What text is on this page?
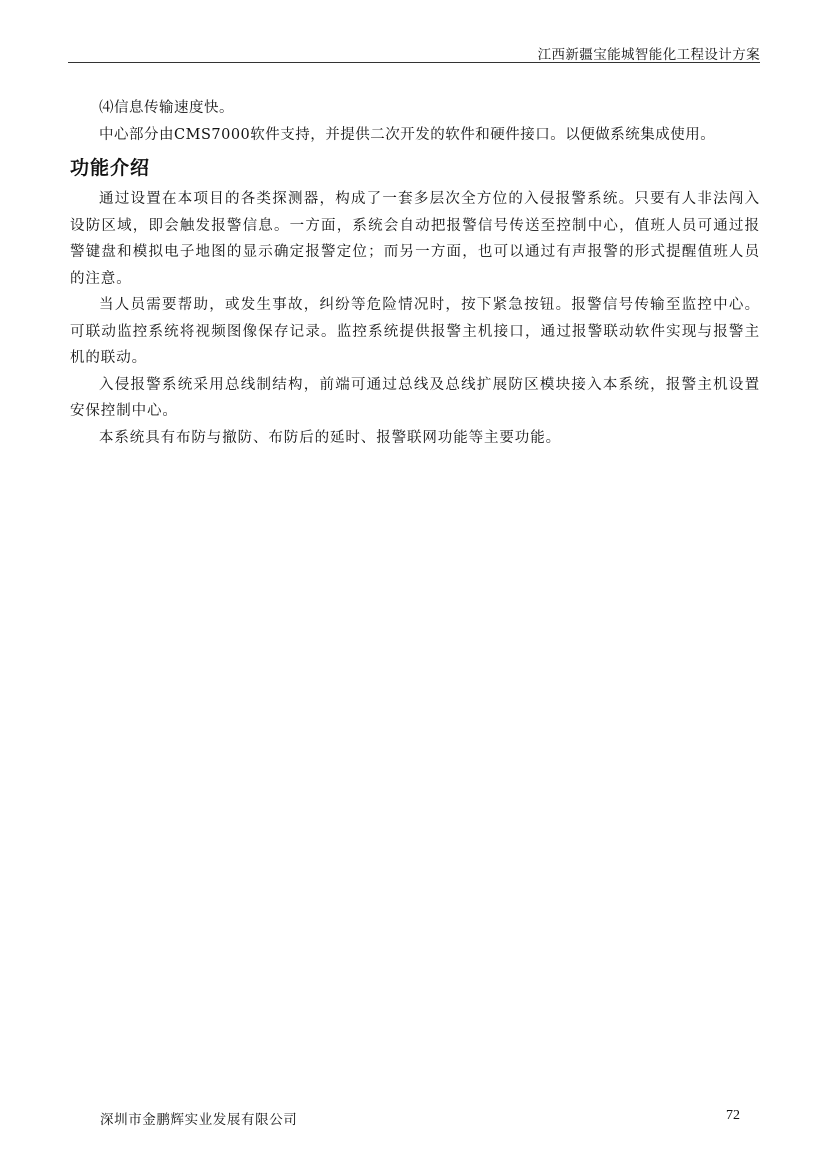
江西新疆宝能城智能化工程设计方案

⑷信息传输速度快。

中心部分由CMS7000软件支持，并提供二次开发的软件和硬件接口。以便做系统集成使用。

功能介绍

通过设置在本项目的各类探测器，构成了一套多层次全方位的入侵报警系统。只要有人非法闯入设防区域，即会触发报警信息。一方面，系统会自动把报警信号传送至控制中心，值班人员可通过报警键盘和模拟电子地图的显示确定报警定位；而另一方面，也可以通过有声报警的形式提醒值班人员的注意。

当人员需要帮助，或发生事故，纠纷等危险情况时，按下紧急按钮。报警信号传输至监控中心。可联动监控系统将视频图像保存记录。监控系统提供报警主机接口，通过报警联动软件实现与报警主机的联动。

入侵报警系统采用总线制结构，前端可通过总线及总线扩展防区模块接入本系统，报警主机设置安保控制中心。

本系统具有布防与撤防、布防后的延时、报警联网功能等主要功能。

深圳市金鹏辉实业发展有限公司	72
